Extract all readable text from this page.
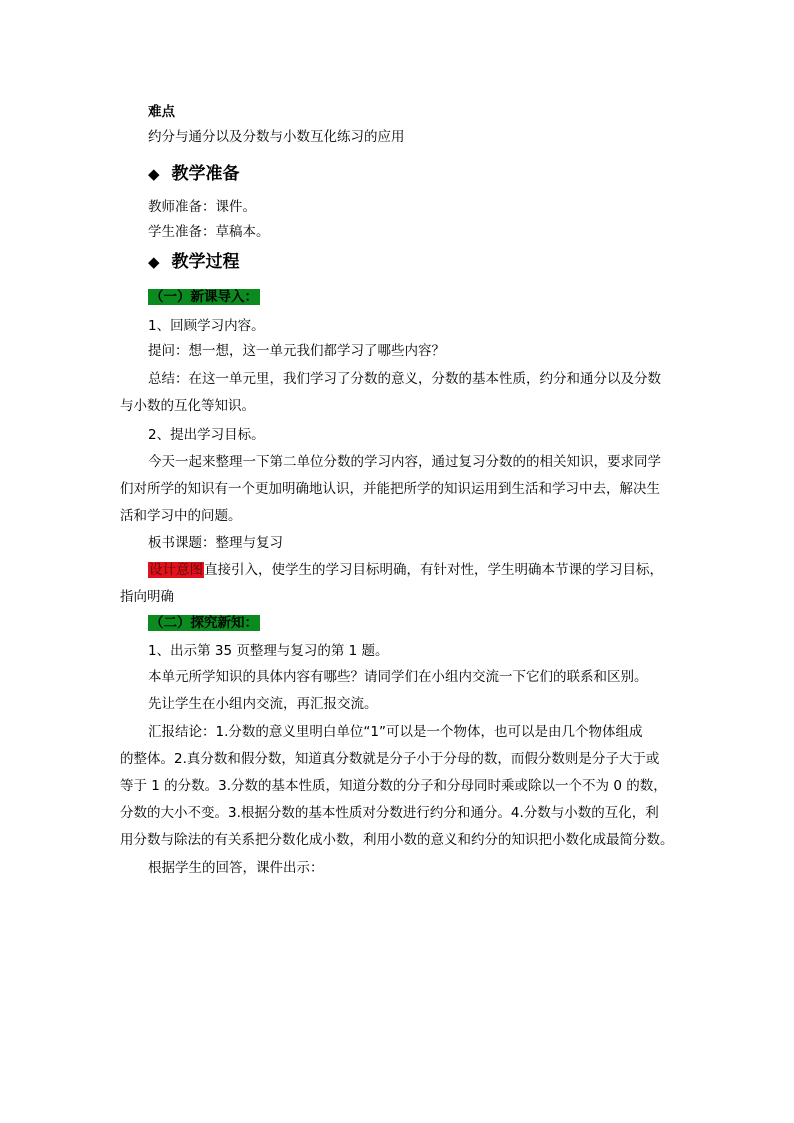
难点
约分与通分以及分数与小数互化练习的应用
◆ 教学准备
教师准备：课件。
学生准备：草稿本。
◆ 教学过程
（一）新课导入：
1、回顾学习内容。
提问：想一想，这一单元我们都学习了哪些内容？
总结：在这一单元里，我们学习了分数的意义，分数的基本性质，约分和通分以及分数
与小数的互化等知识。
2、提出学习目标。
今天一起来整理一下第二单位分数的学习内容，通过复习分数的的相关知识，要求同学
们对所学的知识有一个更加明确地认识，并能把所学的知识运用到生活和学习中去，解决生
活和学习中的问题。
板书课题：整理与复习
设计意图直接引入，使学生的学习目标明确，有针对性，学生明确本节课的学习目标，
指向明确
（二）探究新知：
1、出示第 35 页整理与复习的第 1 题。
本单元所学知识的具体内容有哪些？请同学们在小组内交流一下它们的联系和区别。
先让学生在小组内交流，再汇报交流。
汇报结论：1.分数的意义里明白单位“1”可以是一个物体，也可以是由几个物体组成
的整体。2.真分数和假分数，知道真分数就是分子小于分母的数，而假分数则是分子大于或
等于 1 的分数。3.分数的基本性质，知道分数的分子和分母同时乘或除以一个不为 0 的数，
分数的大小不变。3.根据分数的基本性质对分数进行约分和通分。4.分数与小数的互化，利
用分数与除法的有关系把分数化成小数，利用小数的意义和约分的知识把小数化成最简分数。
根据学生的回答，课件出示：
